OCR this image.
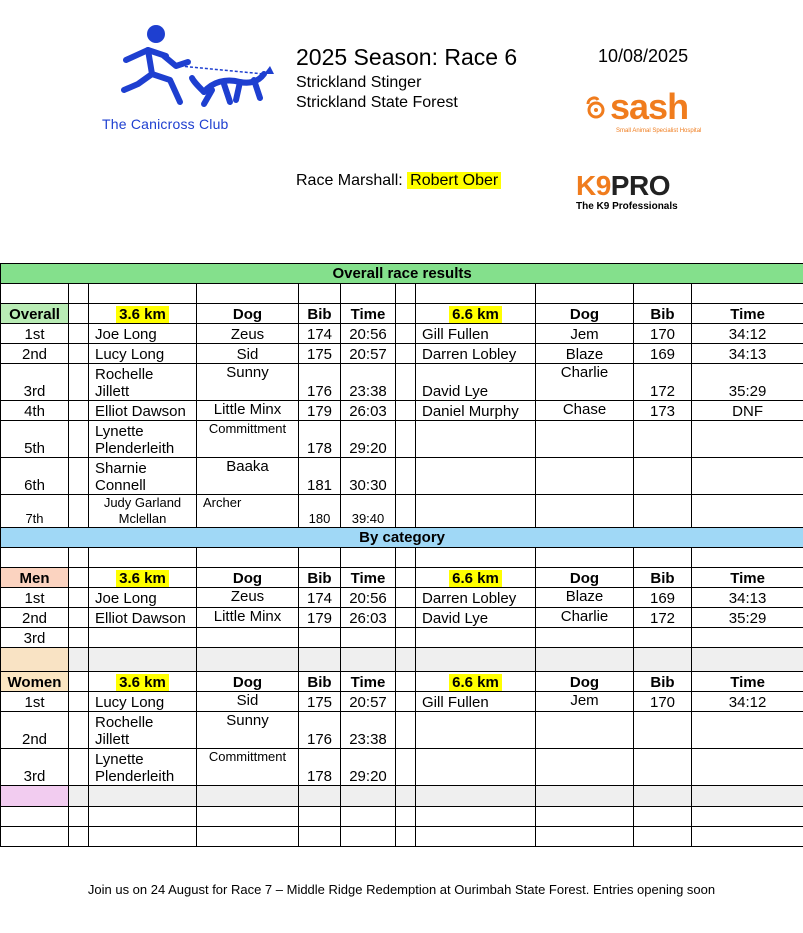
The Canicross Club
2025 Season: Race 6	10/08/2025
Strickland Stinger
Strickland State Forest
Race Marshall: Robert Ober
sash
Small Animal Specialist Hospital
K9PRO
The K9 Professionals
Overall race results										

Overall		3.6 km	Dog	Bib	Time		6.6 km	Dog	Bib	Time
1st		Joe Long	Zeus	174	20:56		Gill Fullen	Jem	170	34:12
2nd		Lucy Long	Sid	175	20:57		Darren Lobley	Blaze	169	34:13
3rd		Rochelle Jillett	Sunny	176	23:38		David Lye	Charlie	172	35:29
4th		Elliot Dawson	Little Minx	179	26:03		Daniel Murphy	Chase	173	DNF
5th		Lynette Plenderleith	Committment	178	29:20					
6th		Sharnie Connell	Baaka	181	30:30					
7th		Judy Garland Mclellan	Archer	180	39:40					
By category										

Men		3.6 km	Dog	Bib	Time		6.6 km	Dog	Bib	Time
1st		Joe Long	Zeus	174	20:56		Darren Lobley	Blaze	169	34:13
2nd		Elliot Dawson	Little Minx	179	26:03		David Lye	Charlie	172	35:29
3rd										

Women		3.6 km	Dog	Bib	Time		6.6 km	Dog	Bib	Time
1st		Lucy Long	Sid	175	20:57		Gill Fullen	Jem	170	34:12
2nd		Rochelle Jillett	Sunny	176	23:38					
3rd		Lynette Plenderleith	Committment	178	29:20					

Join us on 24 August for Race 7 – Middle Ridge Redemption at Ourimbah State Forest. Entries opening soon
